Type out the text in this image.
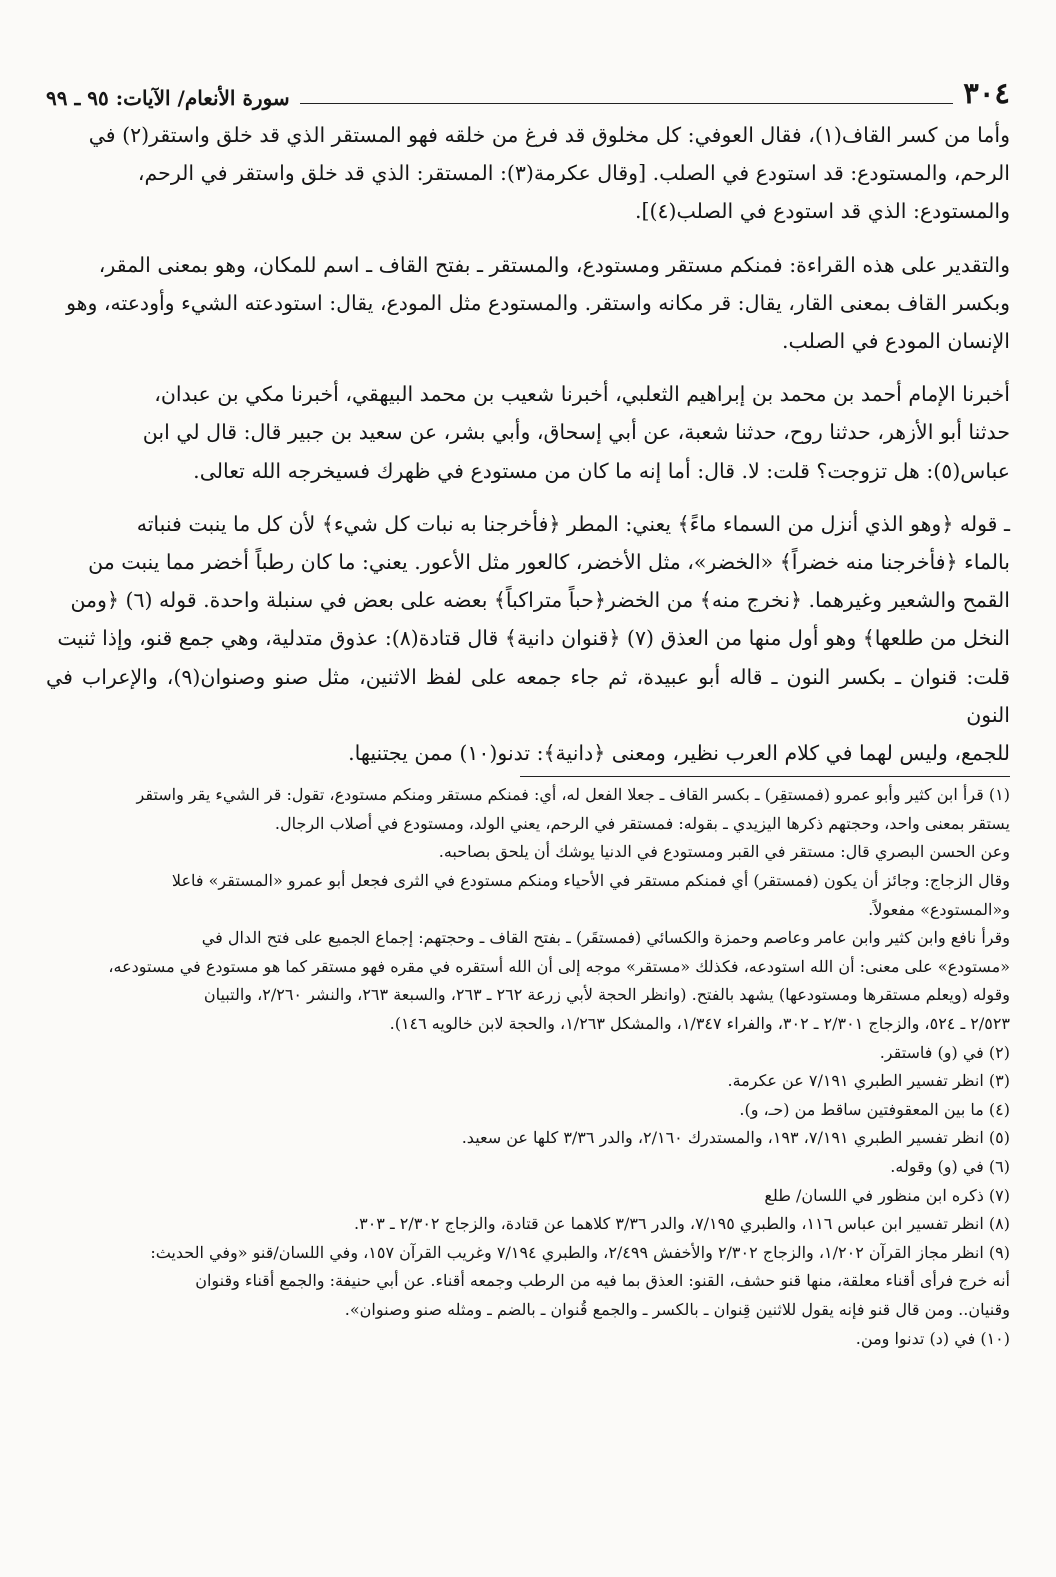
٣٠٤
سورة الأنعام/ الآيات: ٩٥ ـ ٩٩

وأما من كسر القاف(١)، فقال العوفي: كل مخلوق قد فرغ من خلقه فهو المستقر الذي قد خلق واستقر(٢) في

الرحم، والمستودع: قد استودع في الصلب. [وقال عكرمة(٣): المستقر: الذي قد خلق واستقر في الرحم،

والمستودع: الذي قد استودع في الصلب(٤)].

والتقدير على هذه القراءة: فمنكم مستقر ومستودع، والمستقر ـ بفتح القاف ـ اسم للمكان، وهو بمعنى المقر،

وبكسر القاف بمعنى القار، يقال: قر مكانه واستقر. والمستودع مثل المودع، يقال: استودعته الشيء وأودعته، وهو

الإنسان المودع في الصلب.

أخبرنا الإمام أحمد بن محمد بن إبراهيم الثعلبي، أخبرنا شعيب بن محمد البيهقي، أخبرنا مكي بن عبدان،

حدثنا أبو الأزهر، حدثنا روح، حدثنا شعبة، عن أبي إسحاق، وأبي بشر، عن سعيد بن جبير قال: قال لي ابن

عباس(٥): هل تزوجت؟ قلت: لا. قال: أما إنه ما كان من مستودع في ظهرك فسيخرجه الله تعالى.

ـ قوله ﴿وهو الذي أنزل من السماء ماءً﴾ يعني: المطر ﴿فأخرجنا به نبات كل شيء﴾ لأن كل ما ينبت فنباته

بالماء ﴿فأخرجنا منه خضراً﴾ «الخضر»، مثل الأخضر، كالعور مثل الأعور. يعني: ما كان رطباً أخضر مما ينبت من

القمح والشعير وغيرهما. ﴿نخرج منه﴾ من الخضر﴿حباً متراكباً﴾ بعضه على بعض في سنبلة واحدة. قوله (٦) ﴿ومن

النخل من طلعها﴾ وهو أول منها من العذق (٧) ﴿قنوان دانية﴾ قال قتادة(٨): عذوق متدلية، وهي جمع قنو، وإذا ثنيت

قلت: قنوان ـ بكسر النون ـ قاله أبو عبيدة، ثم جاء جمعه على لفظ الاثنين، مثل صنو وصنوان(٩)، والإعراب في النون

للجمع، وليس لهما في كلام العرب نظير، ومعنى ﴿دانية﴾: تدنو(١٠) ممن يجتنيها.

(١) قرأ ابن كثير وأبو عمرو (فمستقِر) ـ بكسر القاف ـ جعلا الفعل له، أي: فمنكم مستقر ومنكم مستودع، تقول: قر الشيء يقر واستقر

يستقر بمعنى واحد، وحجتهم ذكرها اليزيدي ـ بقوله: فمستقر في الرحم، يعني الولد، ومستودع في أصلاب الرجال.

وعن الحسن البصري قال: مستقر في القبر ومستودع في الدنيا يوشك أن يلحق بصاحبه.

وقال الزجاج: وجائز أن يكون (فمستقر) أي فمنكم مستقر في الأحياء ومنكم مستودع في الثرى فجعل أبو عمرو «المستقر» فاعلا

و«المستودع» مفعولاً.

وقرأ نافع وابن كثير وابن عامر وعاصم وحمزة والكسائي (فمستقَر) ـ بفتح القاف ـ وحجتهم: إجماع الجميع على فتح الدال في

«مستودع» على معنى: أن الله استودعه، فكذلك «مستقر» موجه إلى أن الله أستقره في مقره فهو مستقر كما هو مستودع في مستودعه،

وقوله (ويعلم مستقرها ومستودعها) يشهد بالفتح. (وانظر الحجة لأبي زرعة ٢٦٢ ـ ٢٦٣، والسبعة ٢٦٣، والنشر ٢/٢٦٠، والتبيان

٢/٥٢٣ ـ ٥٢٤، والزجاج ٢/٣٠١ ـ ٣٠٢، والفراء ١/٣٤٧، والمشكل ١/٢٦٣، والحجة لابن خالويه ١٤٦).

(٢) في (و) فاستقر.

(٣) انظر تفسير الطبري ٧/١٩١ عن عكرمة.

(٤) ما بين المعقوفتين ساقط من (حـ، و).

(٥) انظر تفسير الطبري ٧/١٩١، ١٩٣، والمستدرك ٢/١٦٠، والدر ٣/٣٦ كلها عن سعيد.

(٦) في (و) وقوله.

(٧) ذكره ابن منظور في اللسان/ طلع

(٨) انظر تفسير ابن عباس ١١٦، والطبري ٧/١٩٥، والدر ٣/٣٦ كلاهما عن قتادة، والزجاج ٢/٣٠٢ ـ ٣٠٣.

(٩) انظر مجاز القرآن ١/٢٠٢، والزجاج ٢/٣٠٢ والأخفش ٢/٤٩٩، والطبري ٧/١٩٤ وغريب القرآن ١٥٧، وفي اللسان/قنو «وفي الحديث:

أنه خرج فرأى أقناء معلقة، منها قنو حشف، القنو: العذق بما فيه من الرطب وجمعه أقناء. عن أبي حنيفة: والجمع أقناء وقنوان

وقنيان.. ومن قال قنو فإنه يقول للاثنين قِنوان ـ بالكسر ـ والجمع قُنوان ـ بالضم ـ ومثله صنو وصنوان».

(١٠) في (د) تدنوا ومن.
